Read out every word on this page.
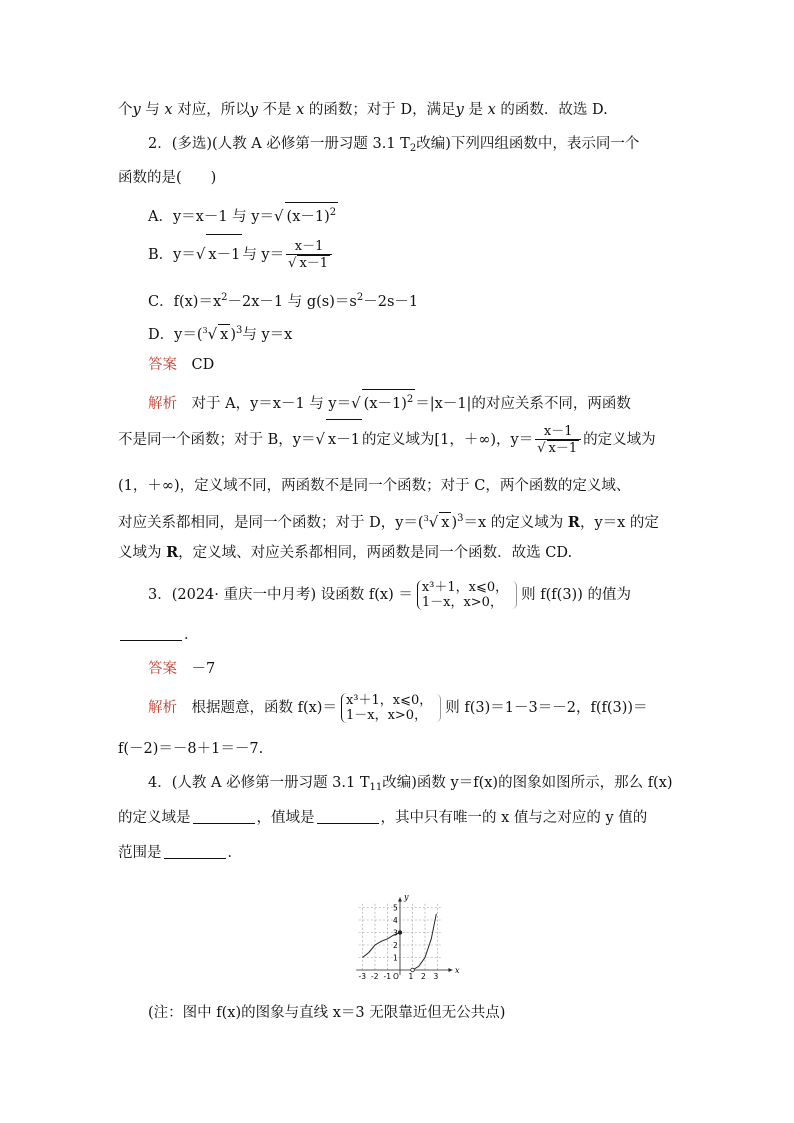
个y 与 x 对应，所以y 不是 x 的函数；对于 D，满足y 是 x 的函数．故选 D.
2．(多选)(人教 A 必修第一册习题 3.1 $T_2$改编)下列四组函数中，表示同一个
函数的是(　　)
A．y＝x－1 与 y＝√ $(x-1)^2$
B．y＝√ x－1 与 $y= \frac{x-1}{√ x-1}$
C．$f(x)=x^2-2x-1$ 与 $g(s)=s^2-2s-1$
D．y＝($^3$√ x )$^3$与 y＝x
答案　 CD
解析　 对于 A，y＝x－1 与 y＝√ $(x-1)^2 =|x-1|$的对应关系不同，两函数
不是同一个函数；对于 B，y＝√ x－1 的定义域为[1，＋∞)，$y= \frac{x-1}{√ x-1}$ 的定义域为
(1，＋∞)，定义域不同，两函数不是同一个函数；对于 C，两个函数的定义域、
对应关系都相同，是同一个函数；对于 D，y＝($^3$√ x )$^3$＝x 的定义域为 R，y＝x 的定
义域为 R，定义域、对应关系都相同，两函数是同一个函数．故选 CD.
3．(2024· 重庆一中月考) 设函数 f(x) ＝ x³＋1，x⩽0，
1－x，x>0，	则 f(f(3)) 的值为
．
答案　 －7
解析　 根据题意，函数 f(x)＝ x³＋1，x⩽0，
1－x，x>0，	则 f(3)＝1－3＝－2，f(f(3))＝
f(－2)＝－8＋1＝－7.
4．(人教 A 必修第一册习题 3.1 $T_{11}$改编)函数 y＝f(x)的图象如图所示，那么 f(x)
的定义域是	，值域是	，其中只有唯一的 x 值与之对应的 y 值的
范围是	．
x
y
-3 -2 -1 O 1 2 3
1
2
3
4
5
(注：图中 f(x)的图象与直线 x＝3 无限靠近但无公共点)
